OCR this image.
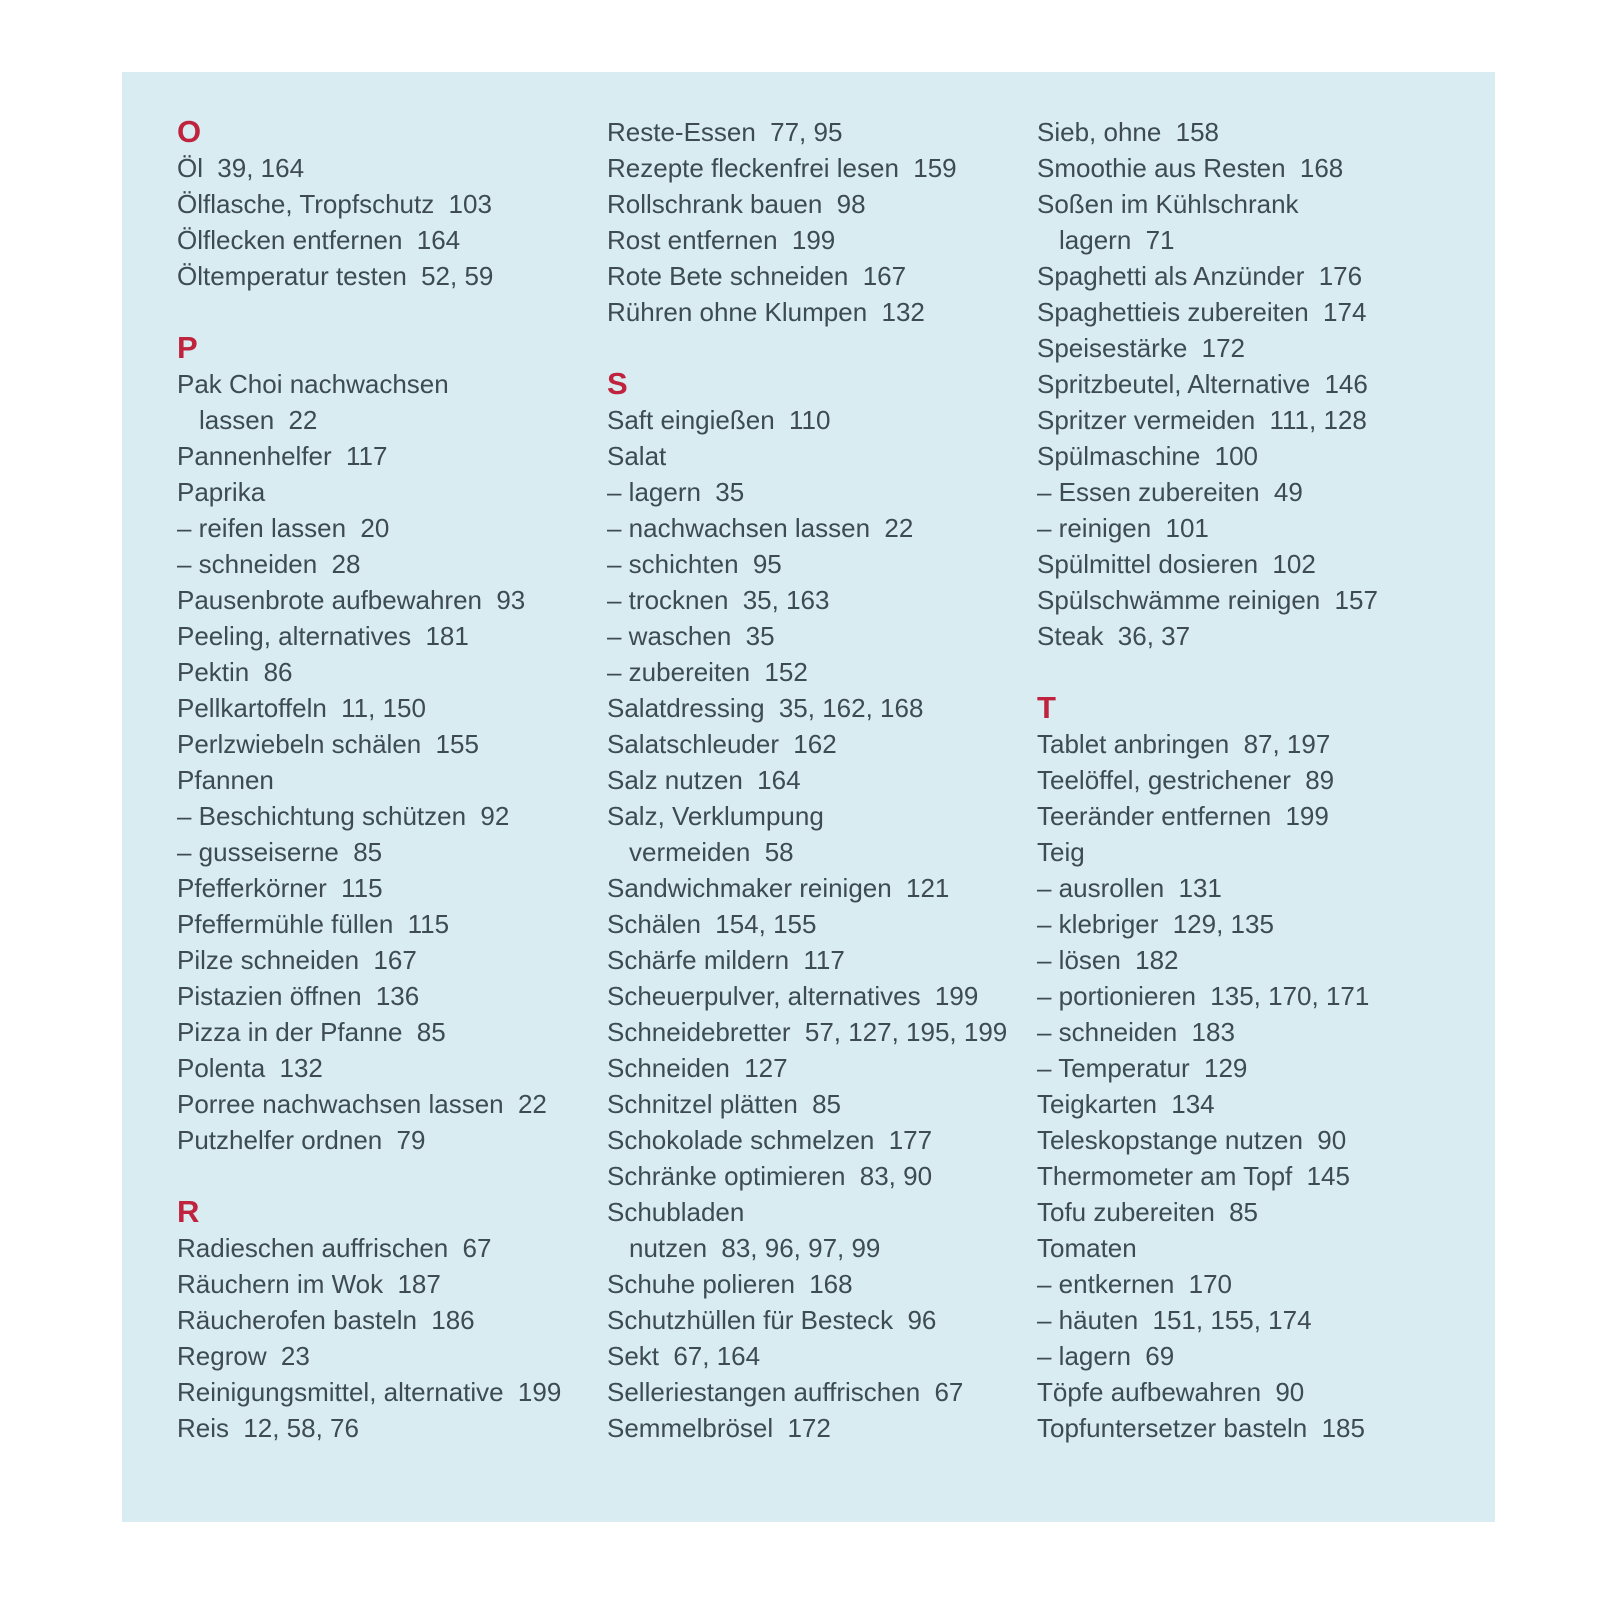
O
Öl 39, 164
Ölflasche, Tropfschutz 103
Ölflecken entfernen 164
Öltemperatur testen 52, 59
P
Pak Choi nachwachsen
lassen 22
Pannenhelfer 117
Paprika
– reifen lassen 20
– schneiden 28
Pausenbrote aufbewahren 93
Peeling, alternatives 181
Pektin 86
Pellkartoffeln 11, 150
Perlzwiebeln schälen 155
Pfannen
– Beschichtung schützen 92
– gusseiserne 85
Pfefferkörner 115
Pfeffermühle füllen 115
Pilze schneiden 167
Pistazien öffnen 136
Pizza in der Pfanne 85
Polenta 132
Porree nachwachsen lassen 22
Putzhelfer ordnen 79
R
Radieschen auffrischen 67
Räuchern im Wok 187
Räucherofen basteln 186
Regrow 23
Reinigungsmittel, alternative 199
Reis 12, 58, 76
Reste-Essen 77, 95
Rezepte fleckenfrei lesen 159
Rollschrank bauen 98
Rost entfernen 199
Rote Bete schneiden 167
Rühren ohne Klumpen 132
S
Saft eingießen 110
Salat
– lagern 35
– nachwachsen lassen 22
– schichten 95
– trocknen 35, 163
– waschen 35
– zubereiten 152
Salatdressing 35, 162, 168
Salatschleuder 162
Salz nutzen 164
Salz, Verklumpung
vermeiden 58
Sandwichmaker reinigen 121
Schälen 154, 155
Schärfe mildern 117
Scheuerpulver, alternatives 199
Schneidebretter 57, 127, 195, 199
Schneiden 127
Schnitzel plätten 85
Schokolade schmelzen 177
Schränke optimieren 83, 90
Schubladen
nutzen 83, 96, 97, 99
Schuhe polieren 168
Schutzhüllen für Besteck 96
Sekt 67, 164
Selleriestangen auffrischen 67
Semmelbrösel 172
Sieb, ohne 158
Smoothie aus Resten 168
Soßen im Kühlschrank
lagern 71
Spaghetti als Anzünder 176
Spaghettieis zubereiten 174
Speisestärke 172
Spritzbeutel, Alternative 146
Spritzer vermeiden 111, 128
Spülmaschine 100
– Essen zubereiten 49
– reinigen 101
Spülmittel dosieren 102
Spülschwämme reinigen 157
Steak 36, 37
T
Tablet anbringen 87, 197
Teelöffel, gestrichener 89
Teeränder entfernen 199
Teig
– ausrollen 131
– klebriger 129, 135
– lösen 182
– portionieren 135, 170, 171
– schneiden 183
– Temperatur 129
Teigkarten 134
Teleskopstange nutzen 90
Thermometer am Topf 145
Tofu zubereiten 85
Tomaten
– entkernen 170
– häuten 151, 155, 174
– lagern 69
Töpfe aufbewahren 90
Topfuntersetzer basteln 185
